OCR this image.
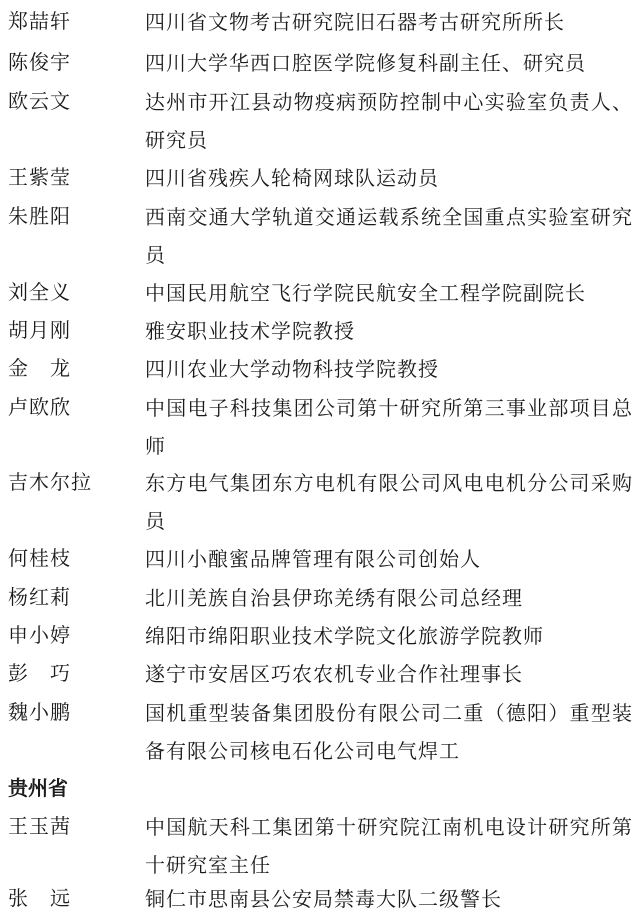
郑喆轩	四川省文物考古研究院旧石器考古研究所所长
陈俊宇	四川大学华西口腔医学院修复科副主任、研究员
欧云文	达州市开江县动物疫病预防控制中心实验室负责人、研究员
王紫莹	四川省残疾人轮椅网球队运动员
朱胜阳	西南交通大学轨道交通运载系统全国重点实验室研究员
刘全义	中国民用航空飞行学院民航安全工程学院副院长
胡月刚	雅安职业技术学院教授
金　龙	四川农业大学动物科技学院教授
卢欧欣	中国电子科技集团公司第十研究所第三事业部项目总师
吉木尔拉	东方电气集团东方电机有限公司风电电机分公司采购员
何桂枝	四川小酿蜜品牌管理有限公司创始人
杨红莉	北川羌族自治县伊珎羌绣有限公司总经理
申小婷	绵阳市绵阳职业技术学院文化旅游学院教师
彭　巧	遂宁市安居区巧农农机专业合作社理事长
魏小鹏	国机重型装备集团股份有限公司二重（德阳）重型装备有限公司核电石化公司电气焊工
贵州省
王玉茜	中国航天科工集团第十研究院江南机电设计研究所第十研究室主任
张　远	铜仁市思南县公安局禁毒大队二级警长
